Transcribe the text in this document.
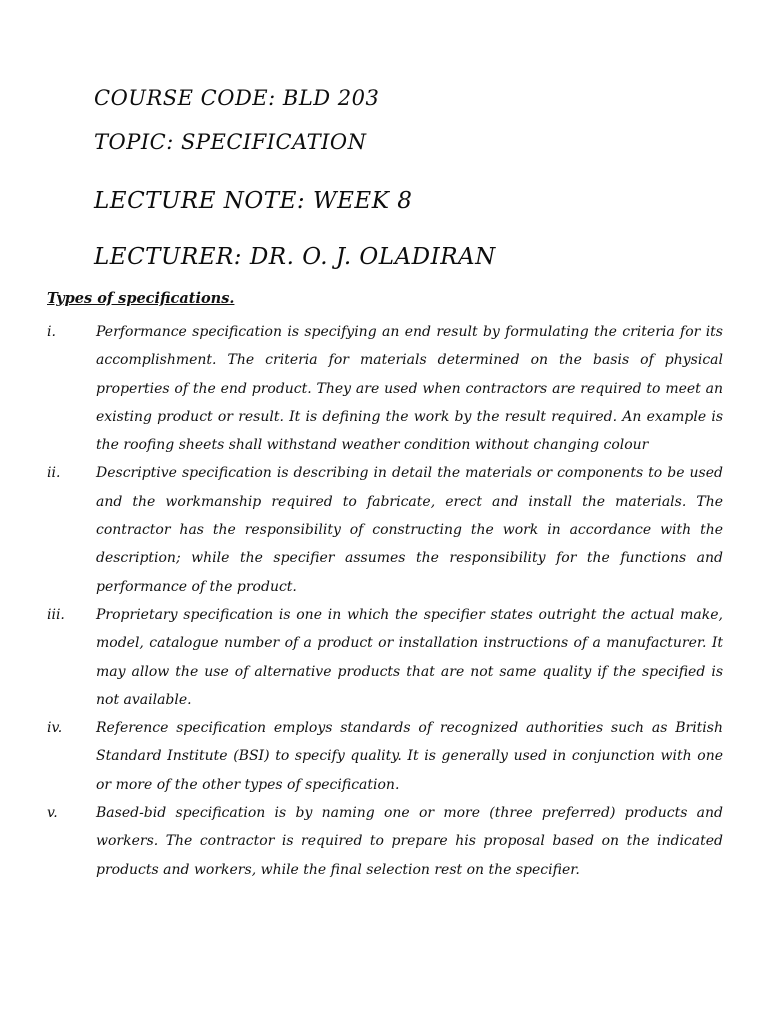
COURSE CODE: BLD 203
TOPIC: SPECIFICATION
LECTURE NOTE: WEEK 8
LECTURER: DR. O. J. OLADIRAN
Types of specifications.
i.	Performance specification is specifying an end result by formulating the criteria for its accomplishment. The criteria for materials determined on the basis of physical properties of the end product. They are used when contractors are required to meet an existing product or result. It is defining the work by the result required. An example is the roofing sheets shall withstand weather condition without changing colour
ii.	Descriptive specification is describing in detail the materials or components to be used and the workmanship required to fabricate, erect and install the materials. The contractor has the responsibility of constructing the work in accordance with the description; while the specifier assumes the responsibility for the functions and performance of the product.
iii.	Proprietary specification is one in which the specifier states outright the actual make, model, catalogue number of a product or installation instructions of a manufacturer. It may allow the use of alternative products that are not same quality if the specified is not available.
iv.	Reference specification employs standards of recognized authorities such as British Standard Institute (BSI) to specify quality. It is generally used in conjunction with one or more of the other types of specification.
v.	Based-bid specification is by naming one or more (three preferred) products and workers. The contractor is required to prepare his proposal based on the indicated products and workers, while the final selection rest on the specifier.
